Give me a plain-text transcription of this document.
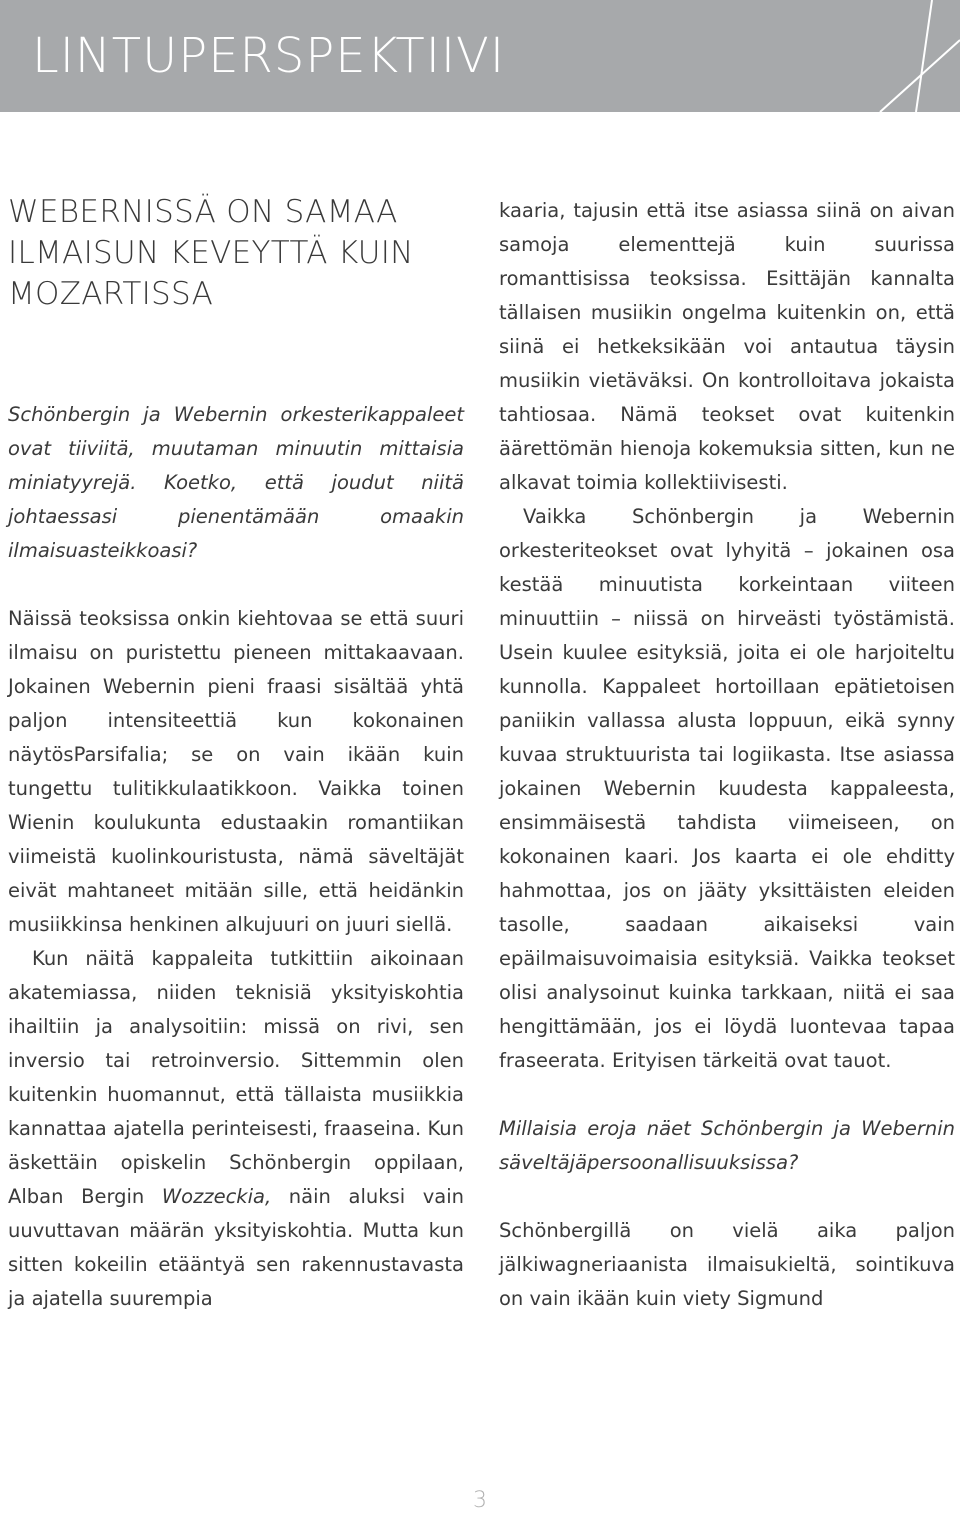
LINTUPERSPEKTIIVI
WEBERNISSÄ ON SAMAA ILMAISUN KEVEYTTÄ KUIN MOZARTISSA

Schönbergin ja Webernin orkesterikappaleet ovat tiiviitä, muutaman minuutin mittaisia miniatyyrejä. Koetko, että joudut niitä johtaessasi pienentämään omaakin ilmaisuasteikkoasi?

Näissä teoksissa onkin kiehtovaa se että suuri ilmaisu on puristettu pieneen mittakaavaan. Jokainen Webernin pieni fraasi sisältää yhtä paljon intensiteettiä kun kokonainen näytösParsifalia; se on vain ikään kuin tungettu tulitikkulaatikkoon. Vaikka toinen Wienin koulukunta edustaakin romantiikan viimeistä kuolinkouristusta, nämä säveltäjät eivät mahtaneet mitään sille, että heidänkin musiikkinsa henkinen alkujuuri on juuri siellä.

Kun näitä kappaleita tutkittiin aikoinaan akatemiassa, niiden teknisiä yksityiskohtia ihailtiin ja analysoitiin: missä on rivi, sen inversio tai retroinversio. Sittemmin olen kuitenkin huomannut, että tällaista musiikkia kannattaa ajatella perinteisesti, fraaseina. Kun äskettäin opiskelin Schönbergin oppilaan, Alban Bergin Wozzeckia, näin aluksi vain uuvuttavan määrän yksityiskohtia. Mutta kun sitten kokeilin etääntyä sen rakennustavasta ja ajatella suurempia

kaaria, tajusin että itse asiassa siinä on aivan samoja elementtejä kuin suurissa romanttisissa teoksissa. Esittäjän kannalta tällaisen musiikin ongelma kuitenkin on, että siinä ei hetkeksikään voi antautua täysin musiikin vietäväksi. On kontrolloitava jokaista tahtiosaa. Nämä teokset ovat kuitenkin äärettömän hienoja kokemuksia sitten, kun ne alkavat toimia kollektiivisesti.

Vaikka Schönbergin ja Webernin orkesteriteokset ovat lyhyitä – jokainen osa kestää minuutista korkeintaan viiteen minuuttiin – niissä on hirveästi työstämistä. Usein kuulee esityksiä, joita ei ole harjoiteltu kunnolla. Kappaleet hortoillaan epätietoisen paniikin vallassa alusta loppuun, eikä synny kuvaa struktuurista tai logiikasta. Itse asiassa jokainen Webernin kuudesta kappaleesta, ensimmäisestä tahdista viimeiseen, on kokonainen kaari. Jos kaarta ei ole ehditty hahmottaa, jos on jääty yksittäisten eleiden tasolle, saadaan aikaiseksi vain epäilmaisuvoimaisia esityksiä. Vaikka teokset olisi analysoinut kuinka tarkkaan, niitä ei saa hengittämään, jos ei löydä luontevaa tapaa fraseerata. Erityisen tärkeitä ovat tauot.

Millaisia eroja näet Schönbergin ja Webernin säveltäjäpersoonallisuuksissa?

Schönbergillä on vielä aika paljon jälkiwagneriaanista ilmaisukieltä, sointikuva on vain ikään kuin viety Sigmund

3
